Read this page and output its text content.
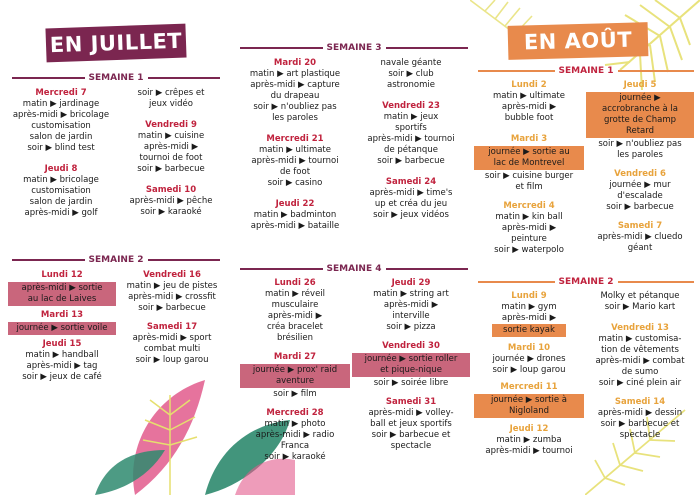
EN JUILLET
SEMAINE 1
Mercredi 7
matin ▶ jardinage
après-midi ▶ bricolage
customisation
salon de jardin
soir ▶ blind test
Jeudi 8
matin ▶ bricolage
customisation
salon de jardin
après-midi ▶ golf
soir ▶ crêpes et
jeux vidéo
Vendredi 9
matin ▶ cuisine
après-midi ▶
tournoi de foot
soir ▶ barbecue
Samedi 10
après-midi ▶ pêche
soir ▶ karaoké
SEMAINE 2
Lundi 12
après-midi ▶ sortie
au lac de Laives
Mardi 13
journée ▶ sortie voile
Jeudi 15
matin ▶ handball
après-midi ▶ tag
soir ▶ jeux de café
Vendredi 16
matin ▶ jeu de pistes
après-midi ▶ crossfit
soir ▶ barbecue
Samedi 17
après-midi ▶ sport
combat multi
soir ▶ loup garou
SEMAINE 3
Mardi 20
matin ▶ art plastique
après-midi ▶ capture
du drapeau
soir ▶ n'oubliez pas
les paroles
Mercredi 21
matin ▶ ultimate
après-midi ▶ tournoi
de foot
soir ▶ casino
Jeudi 22
matin ▶ badminton
après-midi ▶ bataille
navale géante
soir ▶ club
astronomie
Vendredi 23
matin ▶ jeux
sportifs
après-midi ▶ tournoi
de pétanque
soir ▶ barbecue
Samedi 24
après-midi ▶ time's
up et créa du jeu
soir ▶ jeux vidéos
SEMAINE 4
Lundi 26
matin ▶ réveil
musculaire
après-midi ▶
créa bracelet
brésilien
Mardi 27
journée ▶ prox' raid
aventure
soir ▶ film
Mercredi 28
matin ▶ photo
après-midi ▶ radio
Franca
soir ▶ karaoké
Jeudi 29
matin ▶ string art
après-midi ▶
interville
soir ▶ pizza
Vendredi 30
journée ▶ sortie roller
et pique-nique
soir ▶ soirée libre
Samedi 31
après-midi ▶ volley-
ball et jeux sportifs
soir ▶ barbecue et
spectacle
EN AOÛT
SEMAINE 1
Lundi 2
matin ▶ ultimate
après-midi ▶
bubble foot
Mardi 3
journée ▶ sortie au
lac de Montrevel
soir ▶ cuisine burger
et film
Mercredi 4
matin ▶ kin ball
après-midi ▶
peinture
soir ▶ waterpolo
Jeudi 5
journée ▶
accrobranche à la
grotte de Champ
Retard
soir ▶ n'oubliez pas
les paroles
Vendredi 6
journée ▶ mur
d'escalade
soir ▶ barbecue
Samedi 7
après-midi ▶ cluedo
géant
SEMAINE 2
Lundi 9
matin ▶ gym
après-midi ▶
sortie kayak
Mardi 10
journée ▶ drones
soir ▶ loup garou
Mercredi 11
journée ▶ sortie à
Nigloland
Jeudi 12
matin ▶ zumba
après-midi ▶ tournoi
Molky et pétanque
soir ▶ Mario kart
Vendredi 13
matin ▶ customisa-
tion de vêtements
après-midi ▶ combat
de sumo
soir ▶ ciné plein air
Samedi 14
après-midi ▶ dessin
soir ▶ barbecue et
spectacle
